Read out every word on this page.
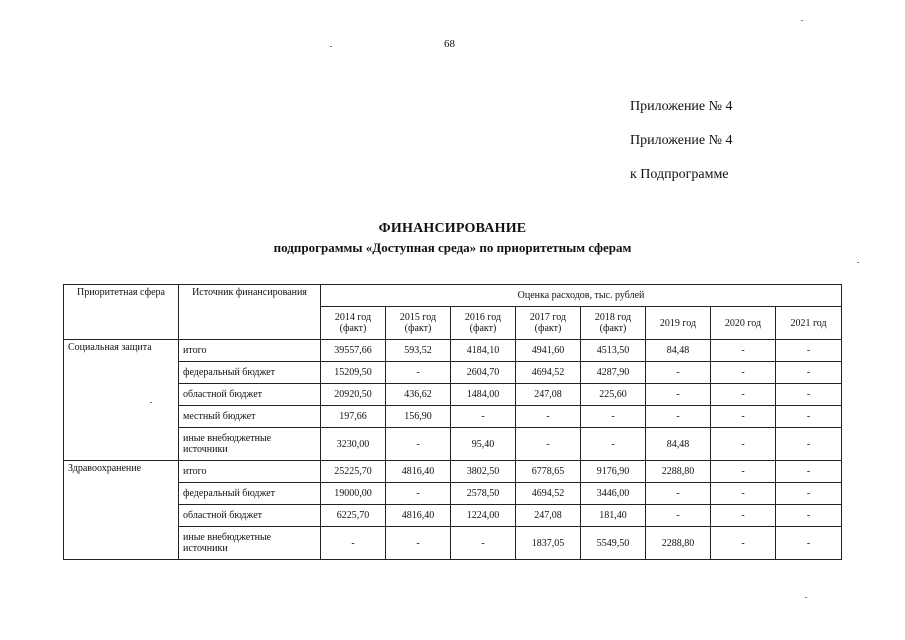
68
Приложение № 4
Приложение № 4
к Подпрограмме
ФИНАНСИРОВАНИЕ
подпрограммы «Доступная среда» по приоритетным сферам
Приоритетная сфера	Источник финансирования	Оценка расходов, тыс. рублей							
		2014 год (факт)	2015 год (факт)	2016 год (факт)	2017 год (факт)	2018 год (факт)	2019 год	2020 год	2021 год
Социальная защита	итого	39557,66	593,52	4184,10	4941,60	4513,50	84,48	-	-
	федеральный бюджет	15209,50	-	2604,70	4694,52	4287,90	-	-	-
	областной бюджет	20920,50	436,62	1484,00	247,08	225,60	-	-	-
	местный бюджет	197,66	156,90	-	-	-	-	-	-
	иные внебюджетные источники	3230,00	-	95,40	-	-	84,48	-	-
Здравоохранение	итого	25225,70	4816,40	3802,50	6778,65	9176,90	2288,80	-	-
	федеральный бюджет	19000,00	-	2578,50	4694,52	3446,00	-	-	-
	областной бюджет	6225,70	4816,40	1224,00	247,08	181,40	-	-	-
	иные внебюджетные источники	-	-	-	1837,05	5549,50	2288,80	-	-
